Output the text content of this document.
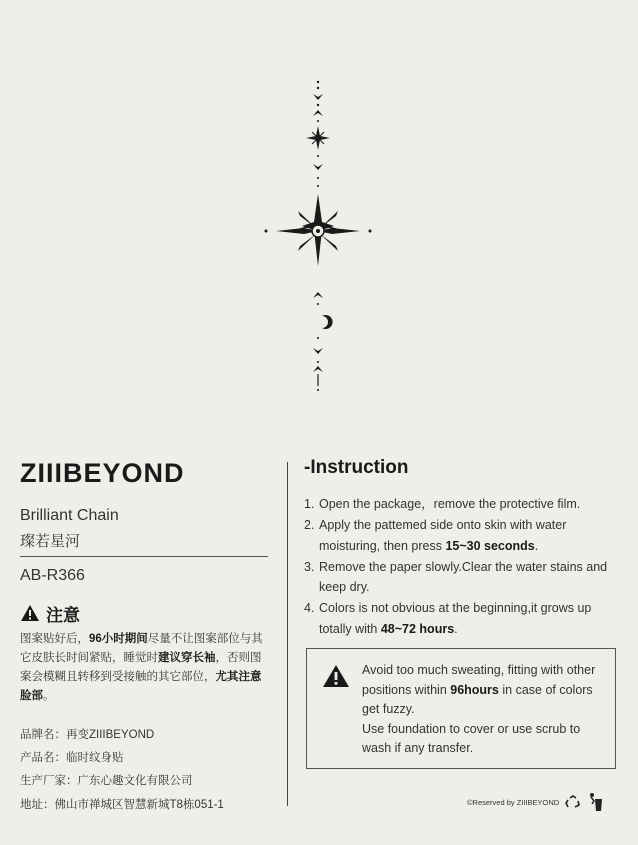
ZIIIBEYOND
Brilliant Chain
璨若星河
AB-R366
注意
图案贴好后，96小时期间尽量不让图案部位与其它皮肤长时间紧贴，睡觉时建议穿长袖，否则图案会模糊且转移到受接触的其它部位，尤其注意脸部。
品牌名：再变ZIIIBEYOND
产品名：临时纹身贴
生产厂家：广东心趣文化有限公司
地址：佛山市禅城区智慧新城T8栋051-1
-Instruction
1. Open the package，remove the protective film.
2. Apply the pattemed side onto skin with water moisturing, then press 15~30 seconds.
3. Remove the paper slowly.Clear the water stains and keep dry.
4. Colors is not obvious at the beginning,it grows up totally with 48~72 hours.
Avoid too much sweating, fitting with other positions within 96hours in case of colors get fuzzy.
Use foundation to cover or use scrub to wash if any transfer.
©Reserved by ZIIIBEYOND
